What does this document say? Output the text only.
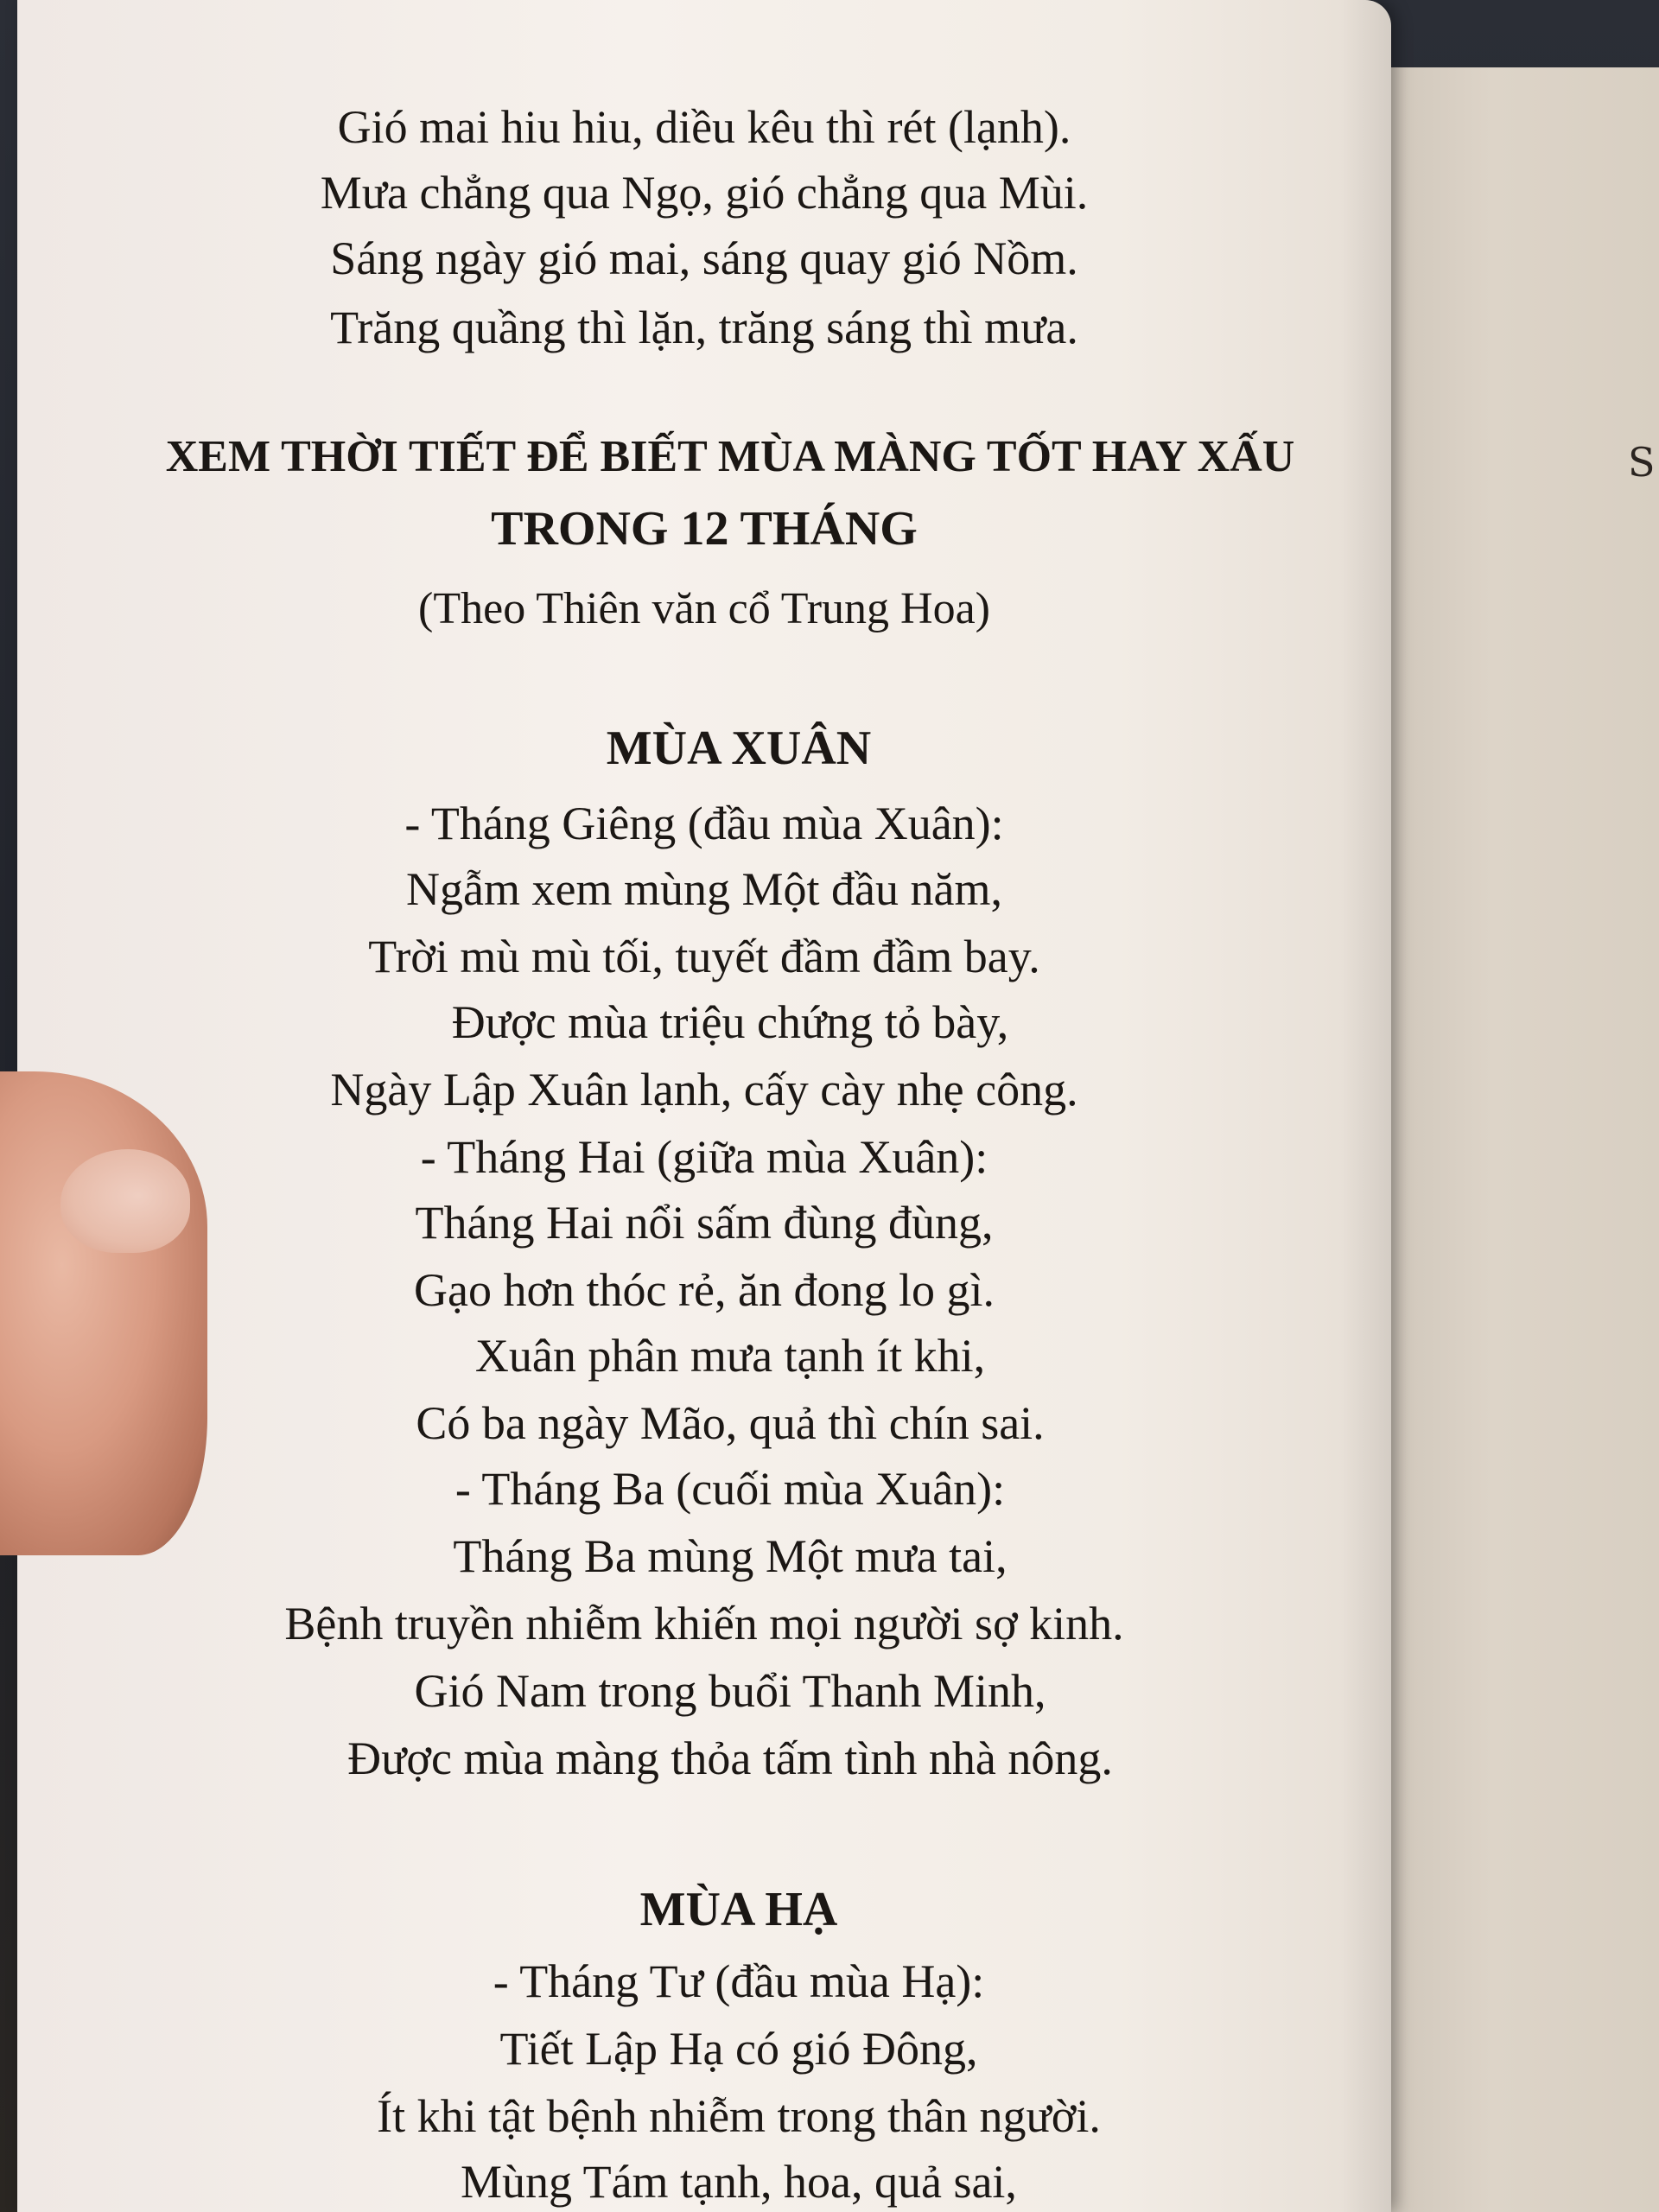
S
Gió mai hiu hiu, diều kêu thì rét (lạnh).
Mưa chẳng qua Ngọ, gió chẳng qua Mùi.
Sáng ngày gió mai, sáng quay gió Nồm.
Trăng quầng thì lặn, trăng sáng thì mưa.
XEM THỜI TIẾT ĐỂ BIẾT MÙA MÀNG TỐT HAY XẤU
TRONG 12 THÁNG
(Theo Thiên văn cổ Trung Hoa)
MÙA XUÂN
- Tháng Giêng (đầu mùa Xuân):
Ngẫm xem mùng Một đầu năm,
Trời mù mù tối, tuyết đầm đầm bay.
Được mùa triệu chứng tỏ bày,
Ngày Lập Xuân lạnh, cấy cày nhẹ công.
- Tháng Hai (giữa mùa Xuân):
Tháng Hai nổi sấm đùng đùng,
Gạo hơn thóc rẻ, ăn đong lo gì.
Xuân phân mưa tạnh ít khi,
Có ba ngày Mão, quả thì chín sai.
- Tháng Ba (cuối mùa Xuân):
Tháng Ba mùng Một mưa tai,
Bệnh truyền nhiễm khiến mọi người sợ kinh.
Gió Nam trong buổi Thanh Minh,
Được mùa màng thỏa tấm tình nhà nông.
MÙA HẠ
- Tháng Tư (đầu mùa Hạ):
Tiết Lập Hạ có gió Đông,
Ít khi tật bệnh nhiễm trong thân người.
Mùng Tám tạnh, hoa, quả sai,
